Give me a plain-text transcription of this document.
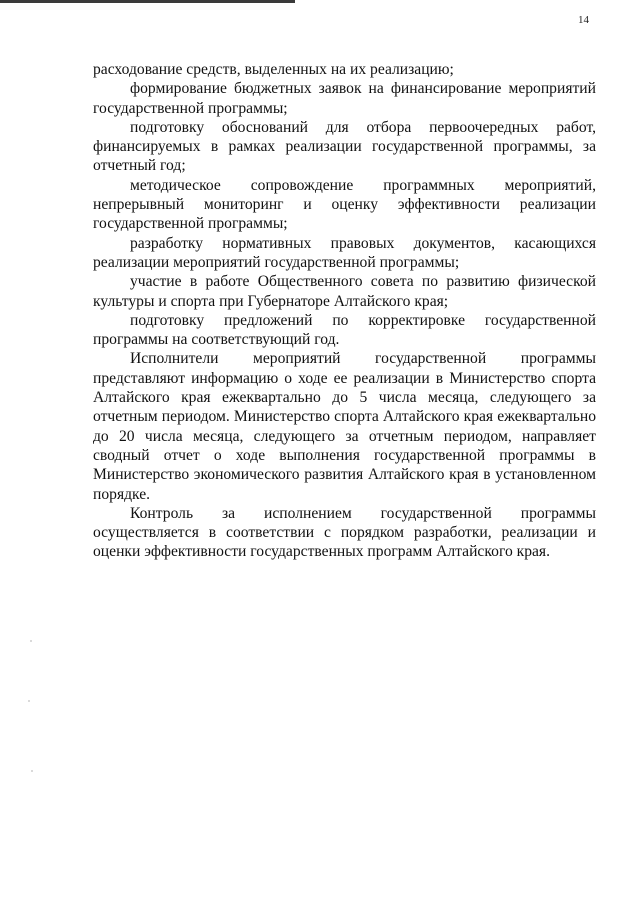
14

расходование средств, выделенных на их реализацию;

формирование бюджетных заявок на финансирование мероприятий государственной программы;

подготовку обоснований для отбора первоочередных работ, финансируемых в рамках реализации государственной программы, за отчетный год;

методическое сопровождение программных мероприятий, непрерывный мониторинг и оценку эффективности реализации государственной программы;

разработку нормативных правовых документов, касающихся реализации мероприятий государственной программы;

участие в работе Общественного совета по развитию физической культуры и спорта при Губернаторе Алтайского края;

подготовку предложений по корректировке государственной программы на соответствующий год.

Исполнители мероприятий государственной программы представляют информацию о ходе ее реализации в Министерство спорта Алтайского края ежеквартально до 5 числа месяца, следующего за отчетным периодом. Министерство спорта Алтайского края ежеквартально до 20 числа месяца, следующего за отчетным периодом, направляет сводный отчет о ходе выполнения государственной программы в Министерство экономического развития Алтайского края в установленном порядке.

Контроль за исполнением государственной программы осуществляется в соответствии с порядком разработки, реализации и оценки эффективности государственных программ Алтайского края.
